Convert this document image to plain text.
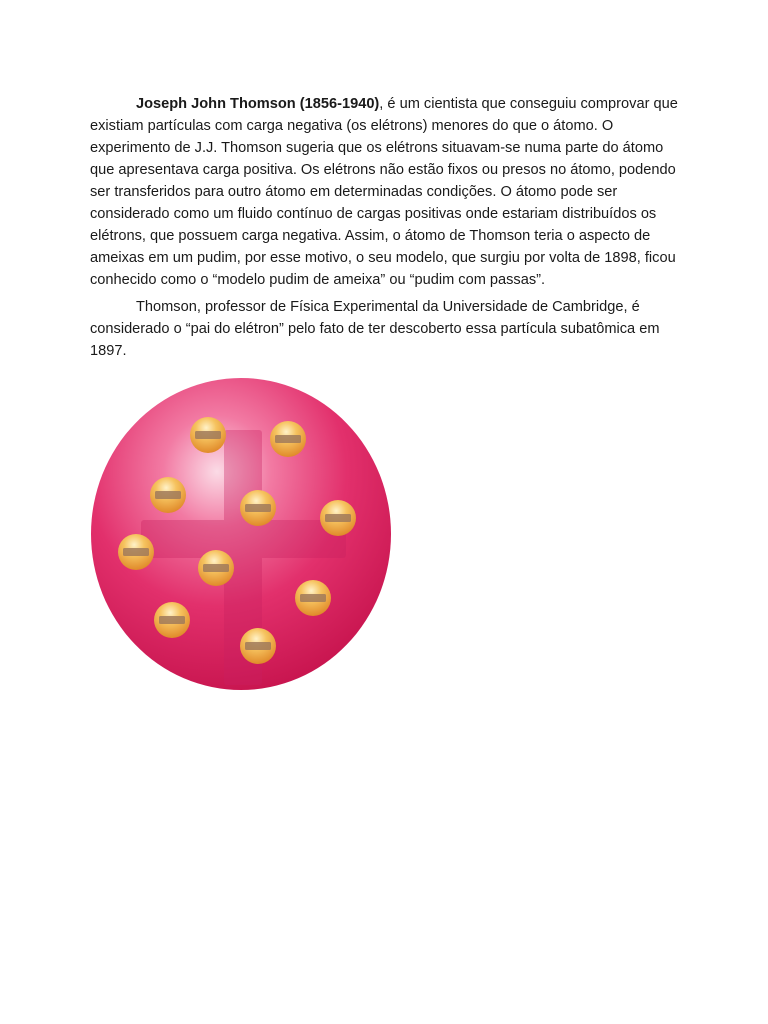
Joseph John Thomson (1856-1940), é um cientista que conseguiu comprovar que existiam partículas com carga negativa (os elétrons) menores do que o átomo. O experimento de J.J. Thomson sugeria que os elétrons situavam-se numa parte do átomo que apresentava carga positiva. Os elétrons não estão fixos ou presos no átomo, podendo ser transferidos para outro átomo em determinadas condições. O átomo pode ser considerado como um fluido contínuo de cargas positivas onde estariam distribuídos os elétrons, que possuem carga negativa. Assim, o átomo de Thomson teria o aspecto de ameixas em um pudim, por esse motivo, o seu modelo, que surgiu por volta de 1898, ficou conhecido como o “modelo pudim de ameixa” ou “pudim com passas”.

Thomson, professor de Física Experimental da Universidade de Cambridge, é considerado o “pai do elétron” pelo fato de ter descoberto essa partícula subatômica em 1897.
